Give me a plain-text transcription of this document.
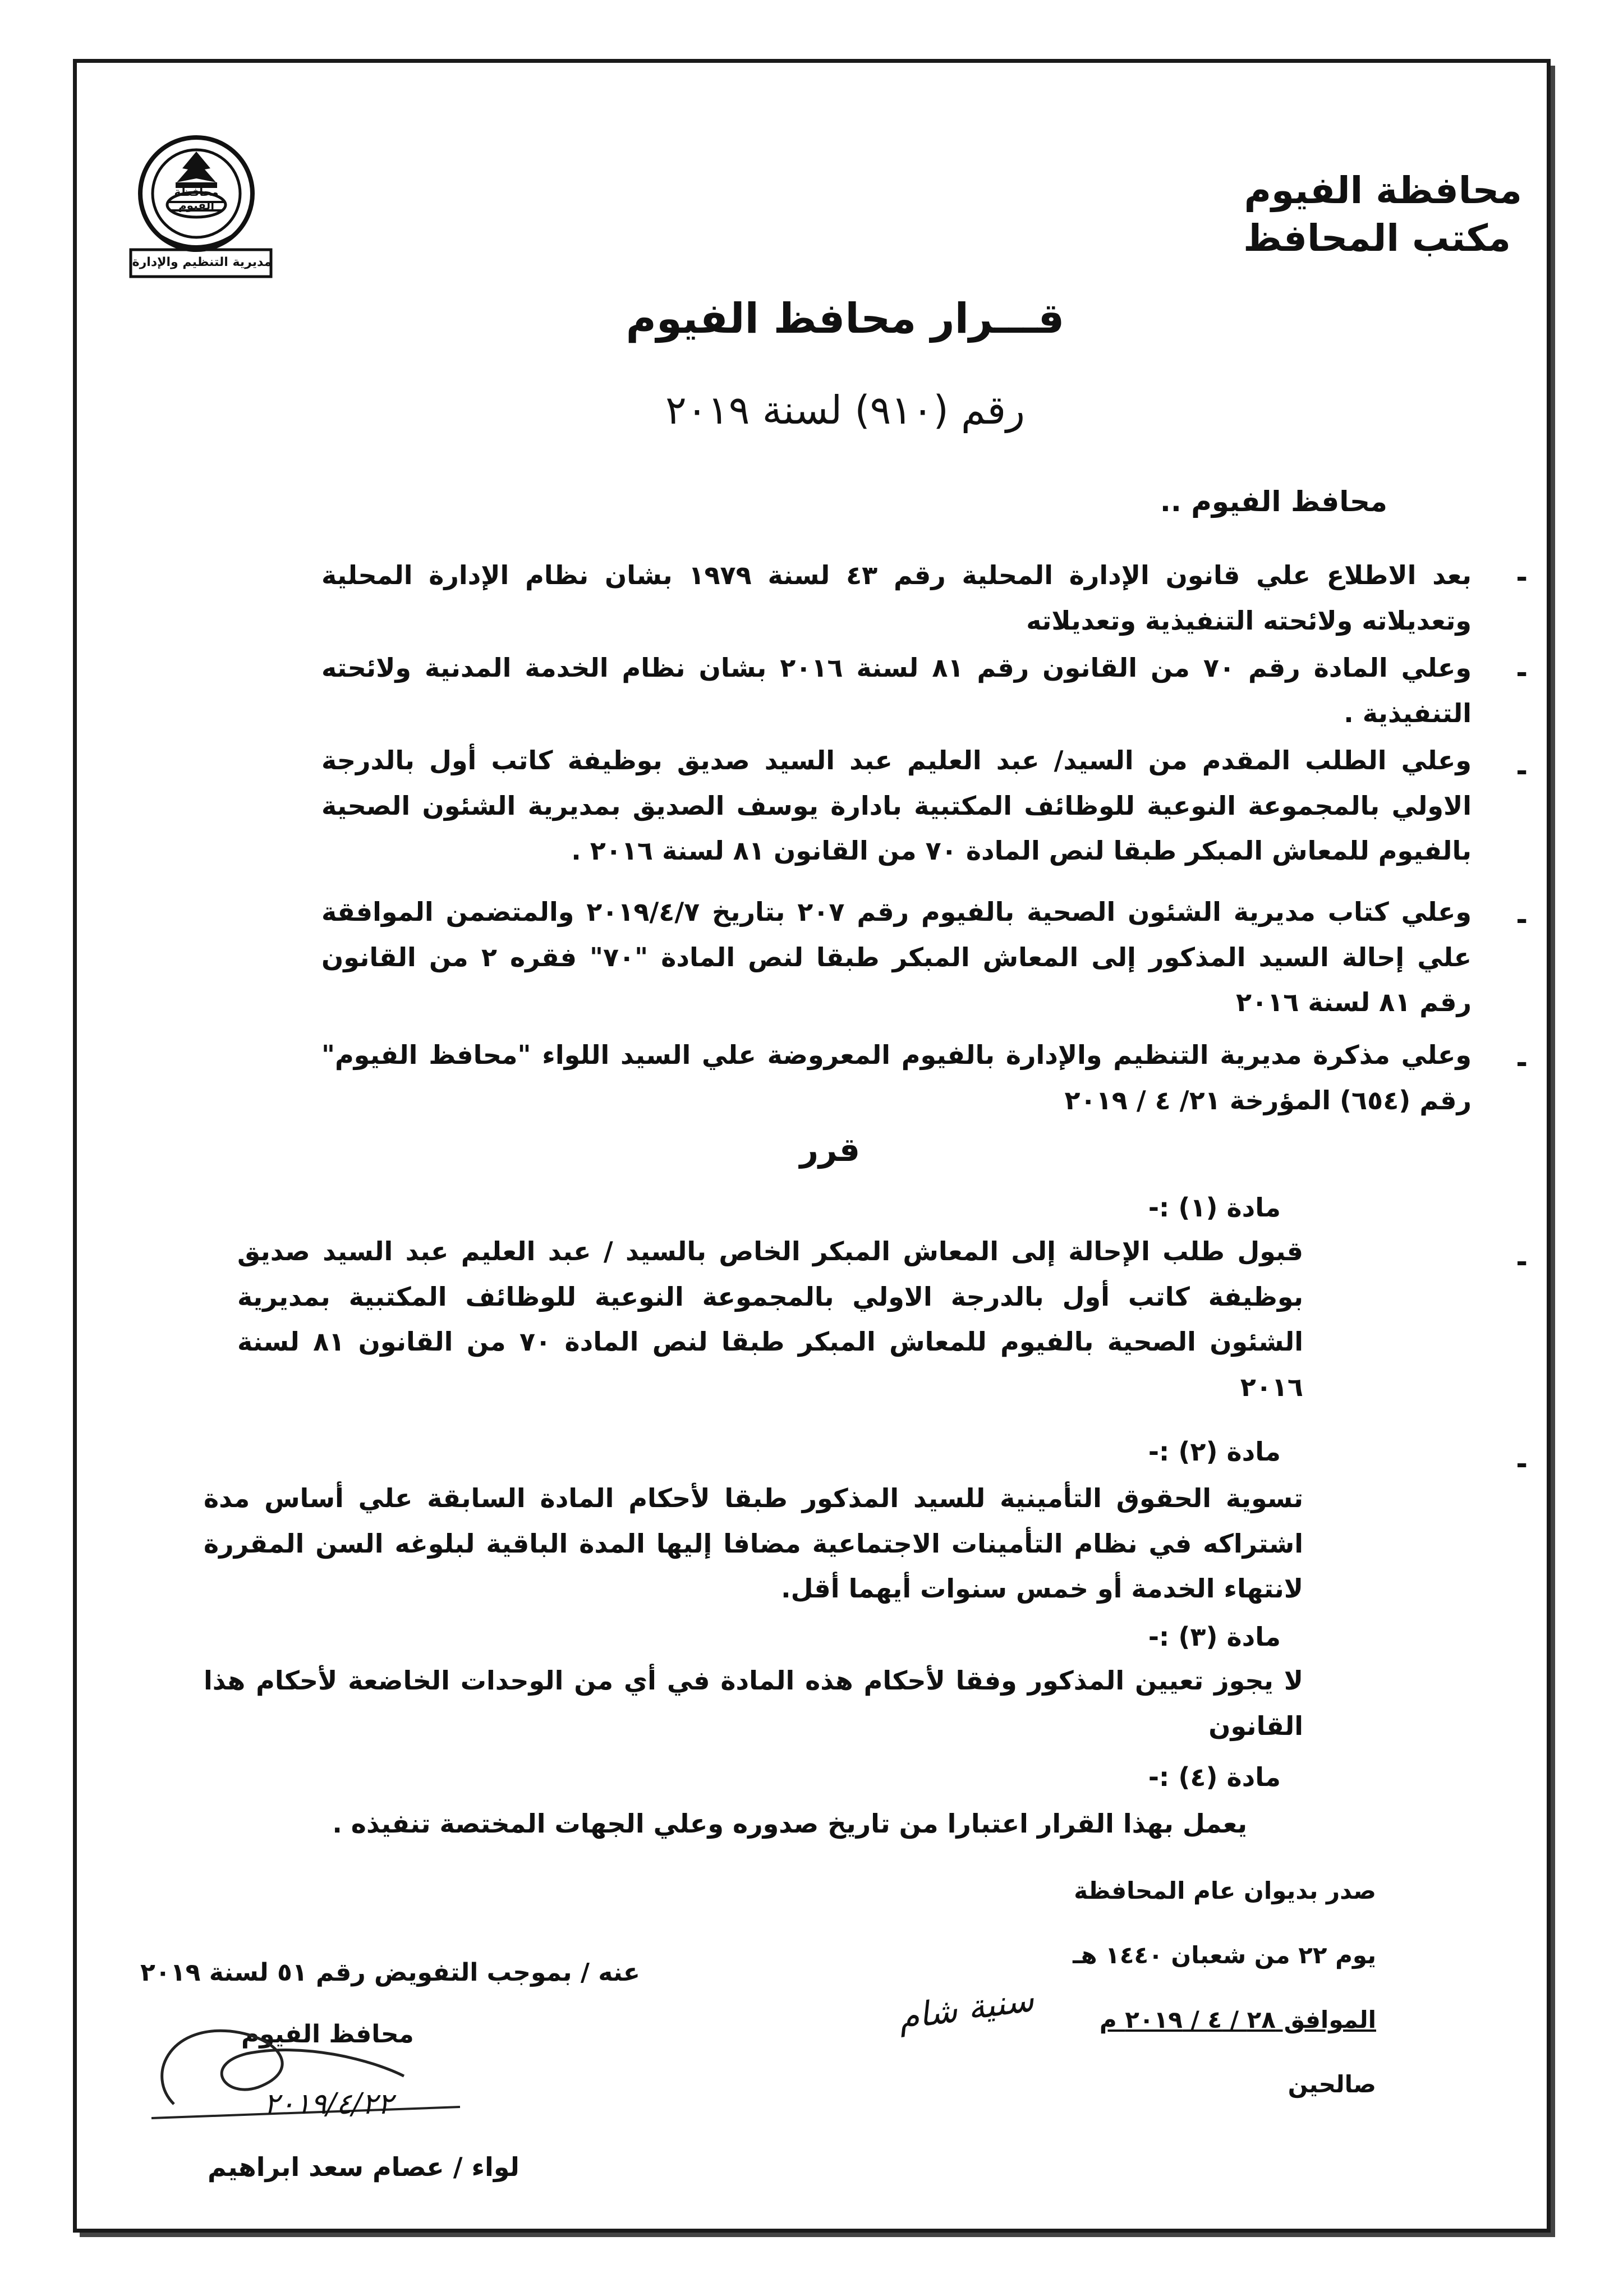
محافظة الفيوم
مديرية التنظيم والإدارة
محافظة الفيوم
مكتب المحافظ
قـــرار محافظ الفيوم
رقم (٩١٠) لسنة ٢٠١٩
محافظ الفيوم ..
-
بعد الاطلاع علي قانون الإدارة المحلية رقم ٤٣ لسنة ١٩٧٩ بشان نظام الإدارة المحلية وتعديلاته ولائحته التنفيذية وتعديلاته
-
وعلي المادة رقم ٧٠ من القانون رقم ٨١ لسنة ٢٠١٦ بشان نظام الخدمة المدنية ولائحته التنفيذية .
-
وعلي الطلب المقدم من السيد/ عبد العليم عبد السيد صديق بوظيفة كاتب أول بالدرجة الاولي بالمجموعة النوعية للوظائف المكتبية بادارة يوسف الصديق بمديرية الشئون الصحية بالفيوم للمعاش المبكر طبقا لنص المادة ٧٠ من القانون ٨١ لسنة ٢٠١٦ .
-
وعلي كتاب مديرية الشئون الصحية بالفيوم رقم ٢٠٧ بتاريخ ٢٠١٩/٤/٧ والمتضمن الموافقة علي إحالة السيد المذكور إلى المعاش المبكر طبقا لنص المادة "٧٠" فقره ٢ من القانون رقم ٨١ لسنة ٢٠١٦
-
وعلي مذكرة مديرية التنظيم والإدارة بالفيوم المعروضة علي السيد اللواء "محافظ الفيوم" رقم (٦٥٤) المؤرخة ٢١/ ٤ / ٢٠١٩
قرر
مادة (١) :-
-
قبول طلب الإحالة إلى المعاش المبكر الخاص بالسيد / عبد العليم عبد السيد صديق بوظيفة كاتب أول بالدرجة الاولي بالمجموعة النوعية للوظائف المكتبية بمديرية الشئون الصحية بالفيوم للمعاش المبكر طبقا لنص المادة ٧٠ من القانون ٨١ لسنة ٢٠١٦
-
مادة (٢) :-
تسوية الحقوق التأمينية للسيد المذكور طبقا لأحكام المادة السابقة علي أساس مدة اشتراكه في نظام التأمينات الاجتماعية مضافا إليها المدة الباقية لبلوغه السن المقررة لانتهاء الخدمة أو خمس سنوات أيهما أقل.
مادة (٣) :-
لا يجوز تعيين المذكور وفقا لأحكام هذه المادة في أي من الوحدات الخاضعة لأحكام هذا القانون
مادة (٤) :-
يعمل بهذا القرار اعتبارا من تاريخ صدوره وعلي الجهات المختصة تنفيذه .
صدر بديوان عام المحافظة
يوم ٢٢ من شعبان ١٤٤٠ هـ
الموافق ٢٨ / ٤ / ٢٠١٩ م
صالحين
سنية شام
عنه / بموجب التفويض رقم ٥١ لسنة ٢٠١٩
محافظ الفيوم
٢٠١٩/٤/٢٢
لواء / عصام سعد ابراهيم
